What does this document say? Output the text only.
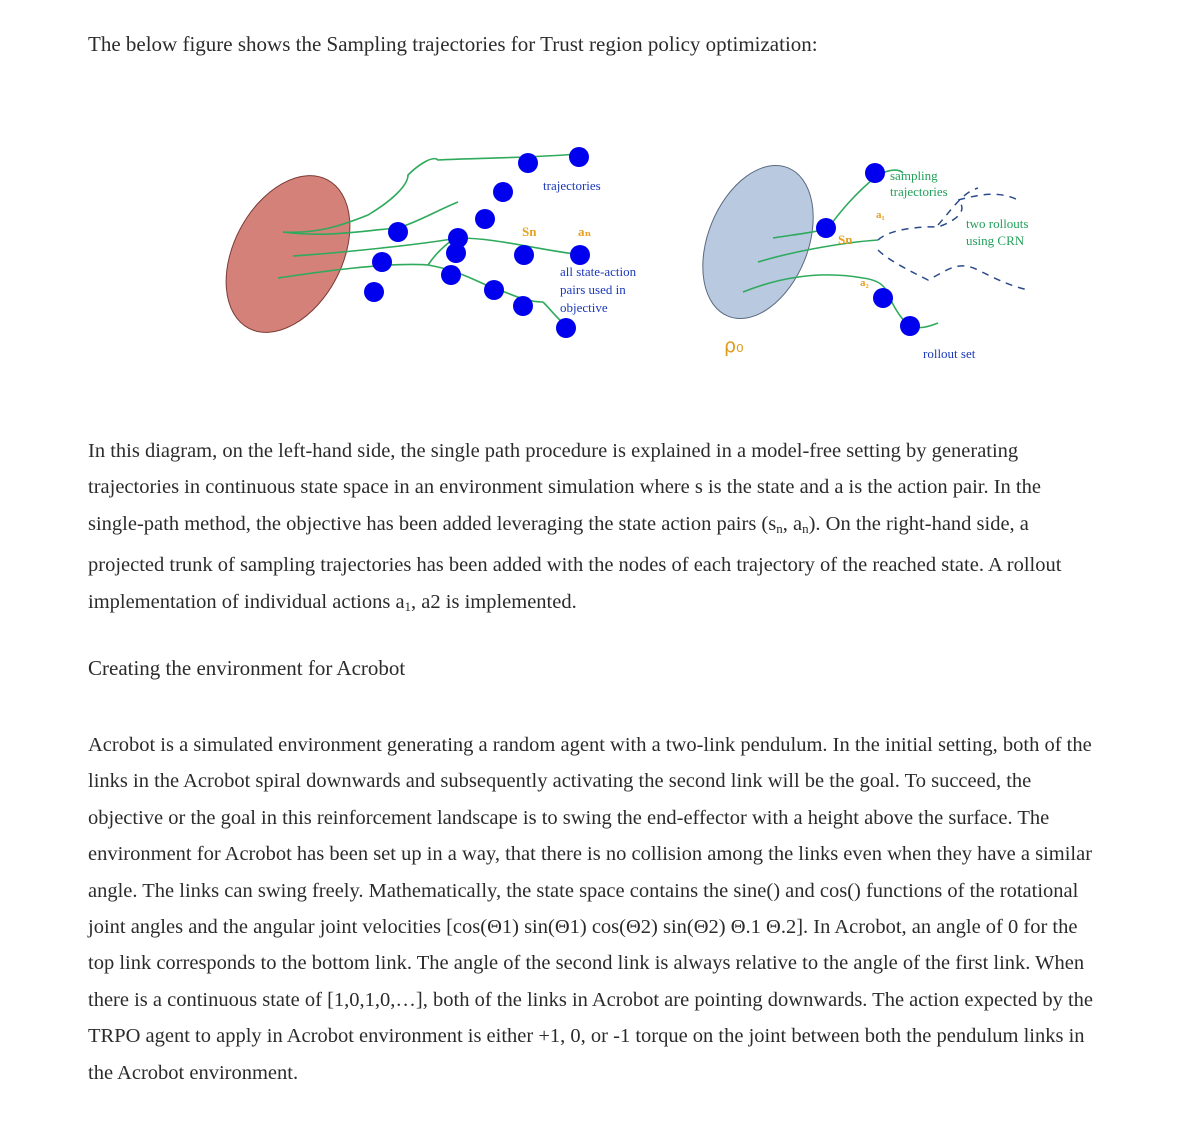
The below figure shows the Sampling trajectories for Trust region policy optimization:
trajectories
Sn	aₙ
all state-action
pairs used in
objective
sampling
trajectories
a₁
Sn
a₂
two rollouts
using CRN
rollout set
ρ₀

In this diagram, on the left-hand side, the single path procedure is explained in a model-free setting by generating trajectories in continuous state space in an environment simulation where s is the state and a is the action pair. In the single-path method, the objective has been added leveraging the state action pairs ($s_n$, $a_n$). On the right-hand side, a projected trunk of sampling trajectories has been added with the nodes of each trajectory of the reached state. A rollout implementation of individual actions $a_1$, a2 is implemented.

Creating the environment for Acrobot

Acrobot is a simulated environment generating a random agent with a two-link pendulum. In the initial setting, both of the links in the Acrobot spiral downwards and subsequently activating the second link will be the goal. To succeed, the objective or the goal in this reinforcement landscape is to swing the end-effector with a height above the surface. The environment for Acrobot has been set up in a way, that there is no collision among the links even when they have a similar angle. The links can swing freely. Mathematically, the state space contains the sine() and cos() functions of the rotational joint angles and the angular joint velocities [cos(Θ1) sin(Θ1) cos(Θ2) sin(Θ2) Θ.1 Θ.2]. In Acrobot, an angle of 0 for the top link corresponds to the bottom link. The angle of the second link is always relative to the angle of the first link. When there is a continuous state of [1,0,1,0,…], both of the links in Acrobot are pointing downwards. The action expected by the TRPO agent to apply in Acrobot environment is either +1, 0, or -1 torque on the joint between both the pendulum links in the Acrobot environment.
